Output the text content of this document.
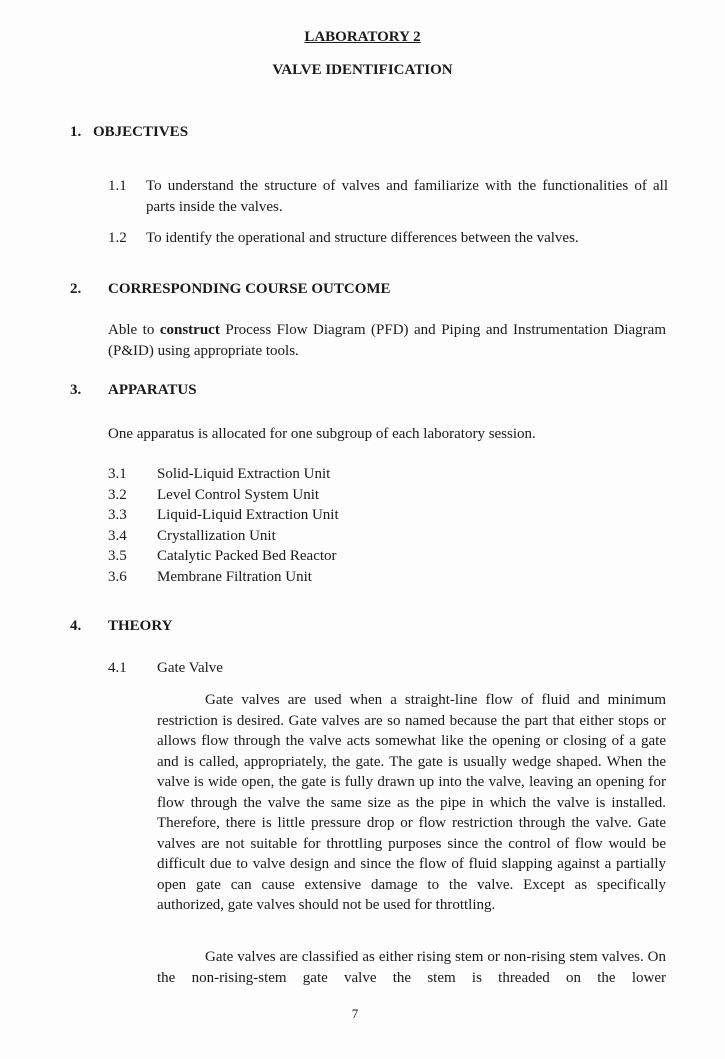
LABORATORY 2
VALVE IDENTIFICATION
1. OBJECTIVES
1.1 To understand the structure of valves and familiarize with the functionalities of all parts inside the valves.
1.2 To identify the operational and structure differences between the valves.
2. CORRESPONDING COURSE OUTCOME
Able to construct Process Flow Diagram (PFD) and Piping and Instrumentation Diagram (P&ID) using appropriate tools.
3. APPARATUS
One apparatus is allocated for one subgroup of each laboratory session.
3.1 Solid-Liquid Extraction Unit
3.2 Level Control System Unit
3.3 Liquid-Liquid Extraction Unit
3.4 Crystallization Unit
3.5 Catalytic Packed Bed Reactor
3.6 Membrane Filtration Unit
4. THEORY
4.1 Gate Valve
Gate valves are used when a straight-line flow of fluid and minimum restriction is desired. Gate valves are so named because the part that either stops or allows flow through the valve acts somewhat like the opening or closing of a gate and is called, appropriately, the gate. The gate is usually wedge shaped. When the valve is wide open, the gate is fully drawn up into the valve, leaving an opening for flow through the valve the same size as the pipe in which the valve is installed. Therefore, there is little pressure drop or flow restriction through the valve. Gate valves are not suitable for throttling purposes since the control of flow would be difficult due to valve design and since the flow of fluid slapping against a partially open gate can cause extensive damage to the valve. Except as specifically authorized, gate valves should not be used for throttling.
Gate valves are classified as either rising stem or non-rising stem valves. On the non-rising-stem gate valve the stem is threaded on the lower
7
